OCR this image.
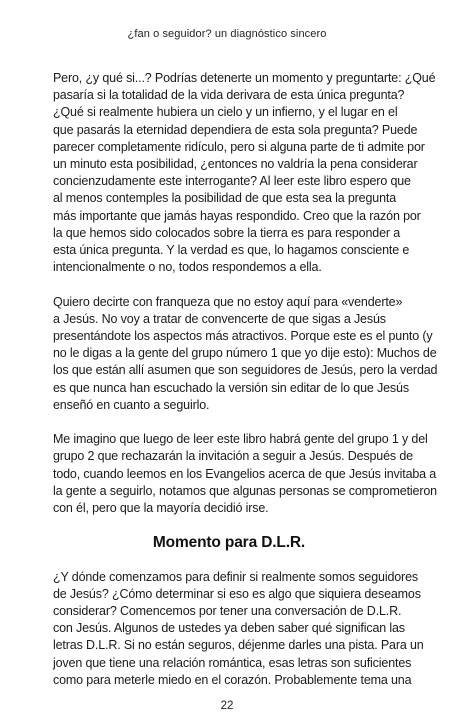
¿fan o seguidor? un diagnóstico sincero
Pero, ¿y qué si...? Podrías detenerte un momento y preguntarte: ¿Qué
pasaría si la totalidad de la vida derivara de esta única pregunta?
¿Qué si realmente hubiera un cielo y un infierno, y el lugar en el
que pasarás la eternidad dependiera de esta sola pregunta? Puede
parecer completamente ridículo, pero si alguna parte de ti admite por
un minuto esta posibilidad, ¿entonces no valdría la pena considerar
concienzudamente este interrogante? Al leer este libro espero que
al menos contemples la posibilidad de que esta sea la pregunta
más importante que jamás hayas respondido. Creo que la razón por
la que hemos sido colocados sobre la tierra es para responder a
esta única pregunta. Y la verdad es que, lo hagamos consciente e
intencionalmente o no, todos respondemos a ella.
Quiero decirte con franqueza que no estoy aquí para «venderte»
a Jesús. No voy a tratar de convencerte de que sigas a Jesús
presentándote los aspectos más atractivos. Porque este es el punto (y
no le digas a la gente del grupo número 1 que yo dije esto): Muchos de
los que están allí asumen que son seguidores de Jesús, pero la verdad
es que nunca han escuchado la versión sin editar de lo que Jesús
enseñó en cuanto a seguirlo.
Me imagino que luego de leer este libro habrá gente del grupo 1 y del
grupo 2 que rechazarán la invitación a seguir a Jesús. Después de
todo, cuando leemos en los Evangelios acerca de que Jesús invitaba a
la gente a seguirlo, notamos que algunas personas se comprometieron
con él, pero que la mayoría decidió irse.
Momento para D.L.R.
¿Y dónde comenzamos para definir si realmente somos seguidores
de Jesús? ¿Cómo determinar si eso es algo que siquiera deseamos
considerar? Comencemos por tener una conversación de D.L.R.
con Jesús. Algunos de ustedes ya deben saber qué significan las
letras D.L.R. Si no están seguros, déjenme darles una pista. Para un
joven que tiene una relación romántica, esas letras son suficientes
como para meterle miedo en el corazón. Probablemente tema una
22
